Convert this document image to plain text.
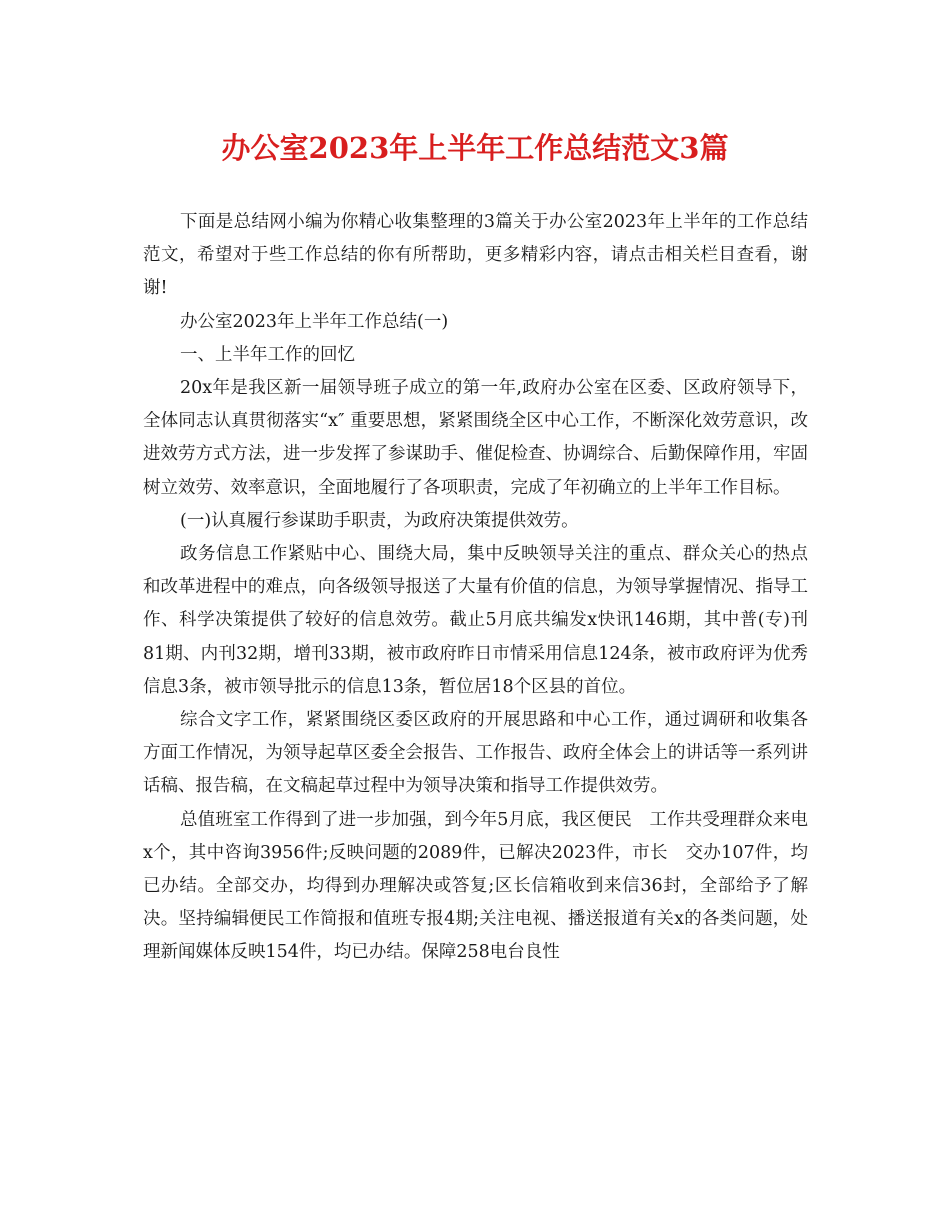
办公室2023年上半年工作总结范文3篇

下面是总结网小编为你精心收集整理的3篇关于办公室2023年上半年的工作总结范文，希望对于些工作总结的你有所帮助，更多精彩内容，请点击相关栏目查看，谢谢!

办公室2023年上半年工作总结(一)

一、上半年工作的回忆

20x年是我区新一届领导班子成立的第一年,政府办公室在区委、区政府领导下，全体同志认真贯彻落实“x″ 重要思想，紧紧围绕全区中心工作，不断深化效劳意识，改进效劳方式方法，进一步发挥了参谋助手、催促检查、协调综合、后勤保障作用，牢固树立效劳、效率意识，全面地履行了各项职责，完成了年初确立的上半年工作目标。

(一)认真履行参谋助手职责，为政府决策提供效劳。

政务信息工作紧贴中心、围绕大局，集中反映领导关注的重点、群众关心的热点和改革进程中的难点，向各级领导报送了大量有价值的信息，为领导掌握情况、指导工作、科学决策提供了较好的信息效劳。截止5月底共编发x快讯146期，其中普(专)刊81期、内刊32期，增刊33期，被市政府昨日市情采用信息124条，被市政府评为优秀信息3条，被市领导批示的信息13条，暂位居18个区县的首位。

综合文字工作，紧紧围绕区委区政府的开展思路和中心工作，通过调研和收集各方面工作情况，为领导起草区委全会报告、工作报告、政府全体会上的讲话等一系列讲话稿、报告稿，在文稿起草过程中为领导决策和指导工作提供效劳。

总值班室工作得到了进一步加强，到今年5月底，我区便民　工作共受理群众来电x个，其中咨询3956件;反映问题的2089件，已解决2023件，市长　交办107件，均已办结。全部交办，均得到办理解决或答复;区长信箱收到来信36封，全部给予了解决。坚持编辑便民工作简报和值班专报4期;关注电视、播送报道有关x的各类问题，处理新闻媒体反映154件，均已办结。保障258电台良性
